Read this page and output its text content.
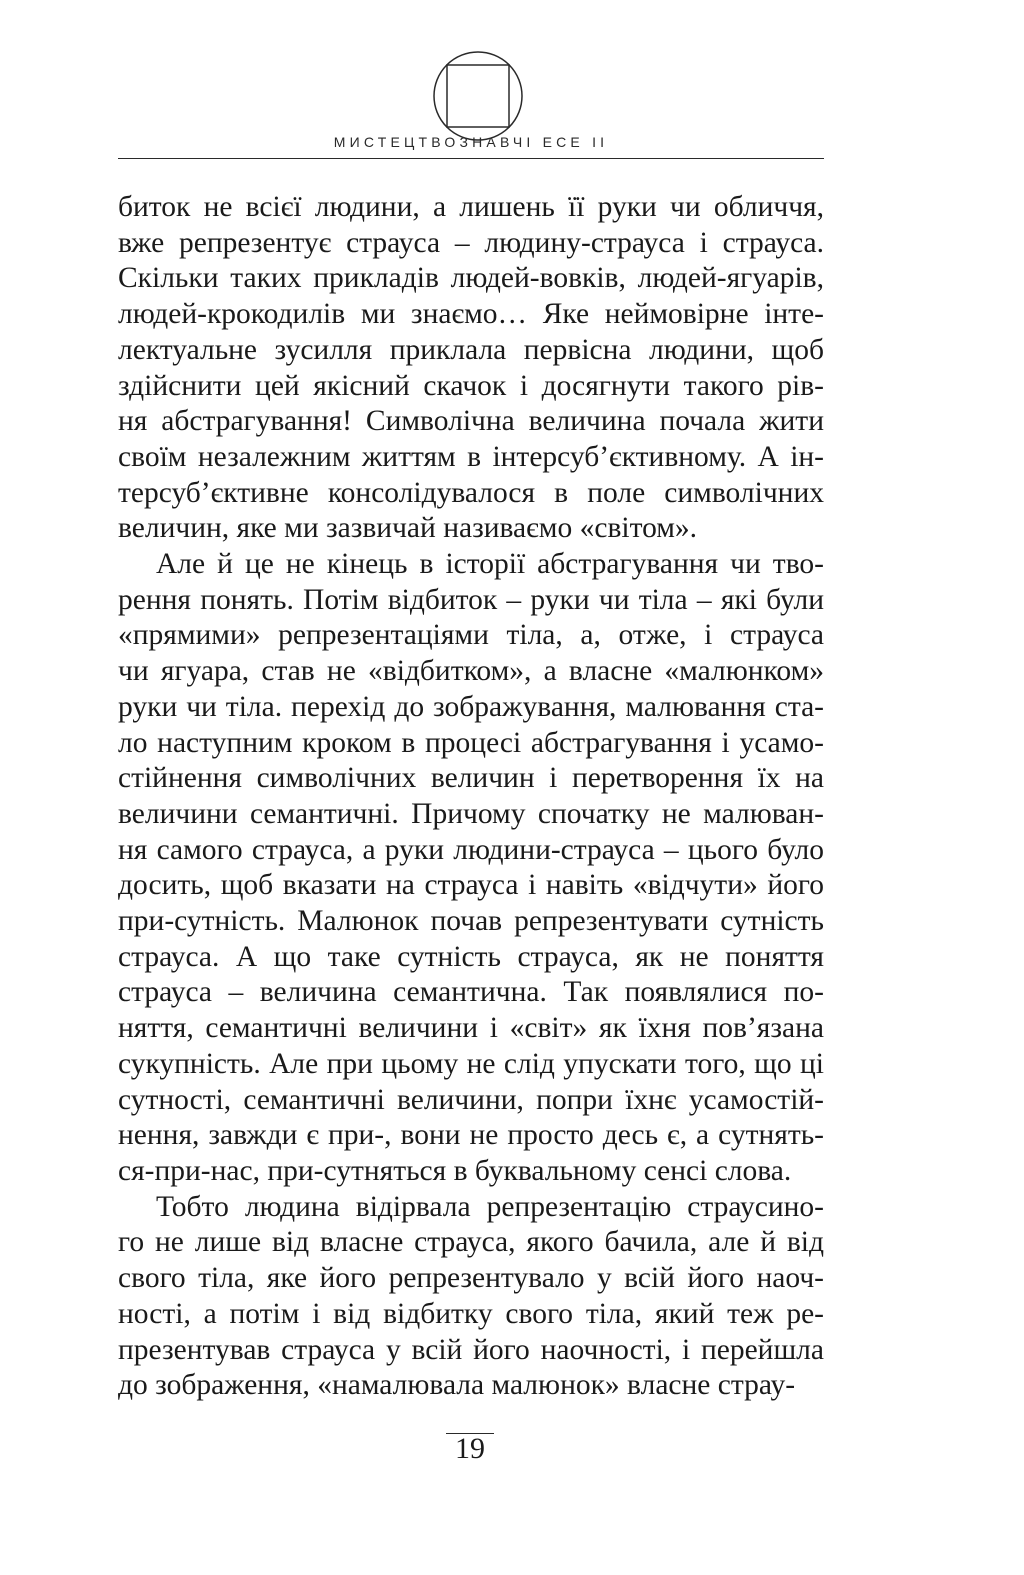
МИСТЕЦТВОЗНАВЧІ ЕСЕ II
биток не всієї людини, а лишень її руки чи обличчя,
вже репрезентує страуса – людину-страуса і страуса.
Скільки таких прикладів людей-вовків, людей-ягуарів,
людей-крокодилів ми знаємо… Яке неймовірне інте-
лектуальне зусилля приклала первісна людини, щоб
здійснити цей якісний скачок і досягнути такого рів-
ня абстрагування! Символічна величина почала жити
своїм незалежним життям в інтерсуб’єктивному. А ін-
терсуб’єктивне консолідувалося в поле символічних
величин, яке ми зазвичай називаємо «світом».
Але й це не кінець в історії абстрагування чи тво-
рення понять. Потім відбиток – руки чи тіла – які були
«прямими» репрезентаціями тіла, а, отже, і страуса
чи ягуара, став не «відбитком», а власне «малюнком»
руки чи тіла. перехід до зображування, малювання ста-
ло наступним кроком в процесі абстрагування і усамо-
стійнення символічних величин і перетворення їх на
величини семантичні. Причому спочатку не малюван-
ня самого страуса, а руки людини-страуса – цього було
досить, щоб вказати на страуса і навіть «відчути» його
при-сутність. Малюнок почав репрезентувати сутність
страуса. А що таке сутність страуса, як не поняття
страуса – величина семантична. Так появлялися по-
няття, семантичні величини і «світ» як їхня пов’язана
сукупність. Але при цьому не слід упускати того, що ці
сутності, семантичні величини, попри їхнє усамостій-
нення, завжди є при-, вони не просто десь є, а сутнять-
ся-при-нас, при-сутняться в буквальному сенсі слова.
Тобто людина відірвала репрезентацію страусино-
го не лише від власне страуса, якого бачила, але й від
свого тіла, яке його репрезентувало у всій його наоч-
ності, а потім і від відбитку свого тіла, який теж ре-
презентував страуса у всій його наочності, і перейшла
до зображення, «намалювала малюнок» власне страу-
19
